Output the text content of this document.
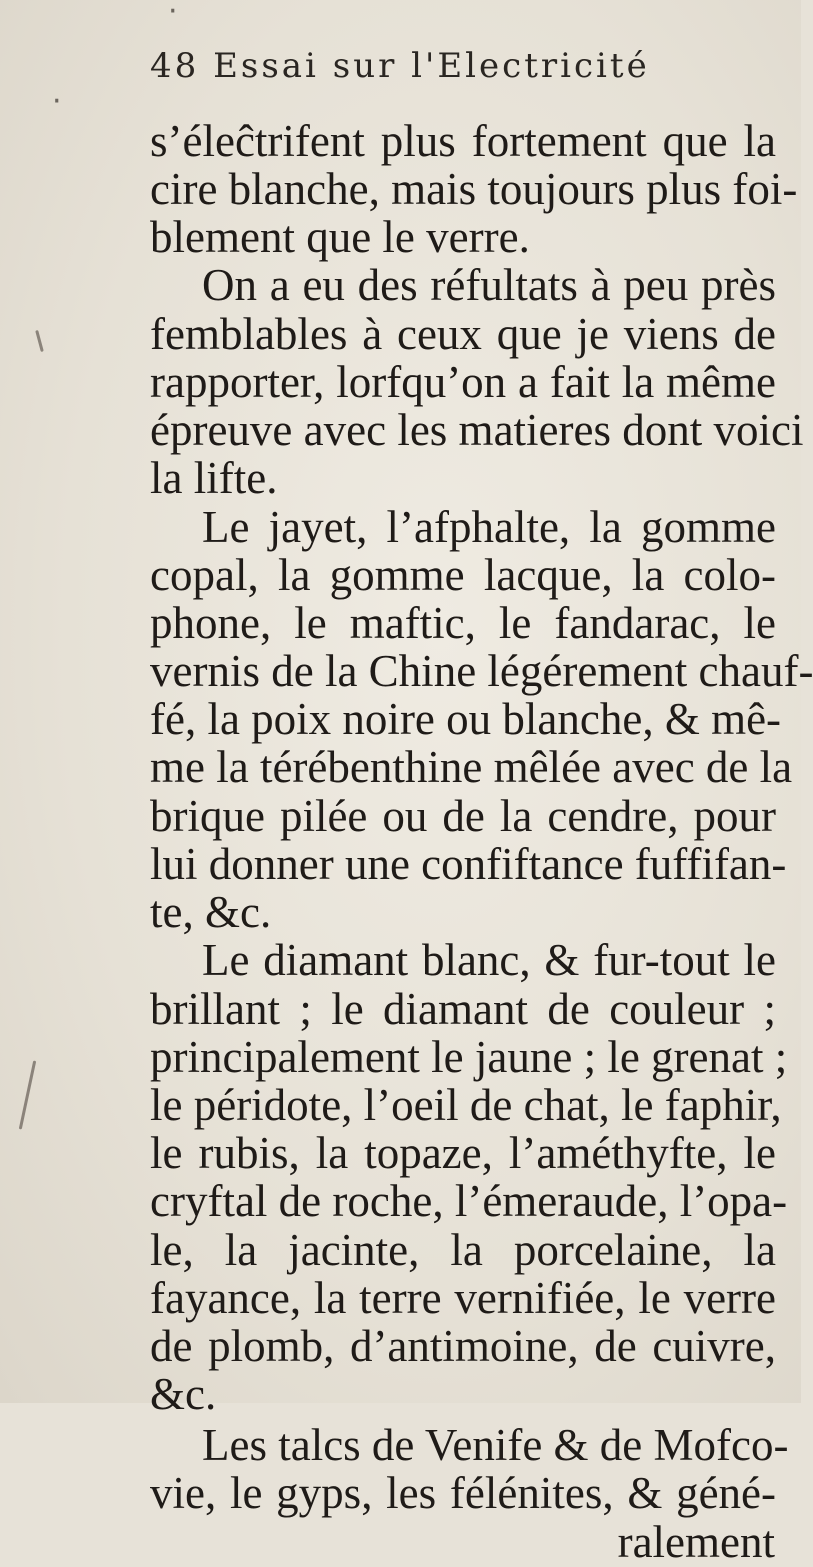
·
·
48 Essai sur l'Electricité
s’éleĉtrifent plus fortement que la
cire blanche, mais toujours plus foi-
blement que le verre.
On a eu des réfultats à peu près
femblables à ceux que je viens de
rapporter, lorfqu’on a fait la même
épreuve avec les matieres dont voici
la lifte.
Le jayet, l’afphalte, la gomme
copal, la gomme lacque, la colo-
phone, le maftic, le fandarac, le
vernis de la Chine légérement chauf-
fé, la poix noire ou blanche, & mê-
me la térébenthine mêlée avec de la
brique pilée ou de la cendre, pour
lui donner une confiftance fuffifan-
te, &c.
Le diamant blanc, & fur-tout le
brillant ; le diamant de couleur ;
principalement le jaune ; le grenat ;
le péridote, l’oeil de chat, le faphir,
le rubis, la topaze, l’améthyfte, le
cryftal de roche, l’émeraude, l’opa-
le, la jacinte, la porcelaine, la
fayance, la terre vernifiée, le verre
de plomb, d’antimoine, de cuivre,
&c.
Les talcs de Venife & de Mofco-
vie, le gyps, les félénites, & géné-
ralement
